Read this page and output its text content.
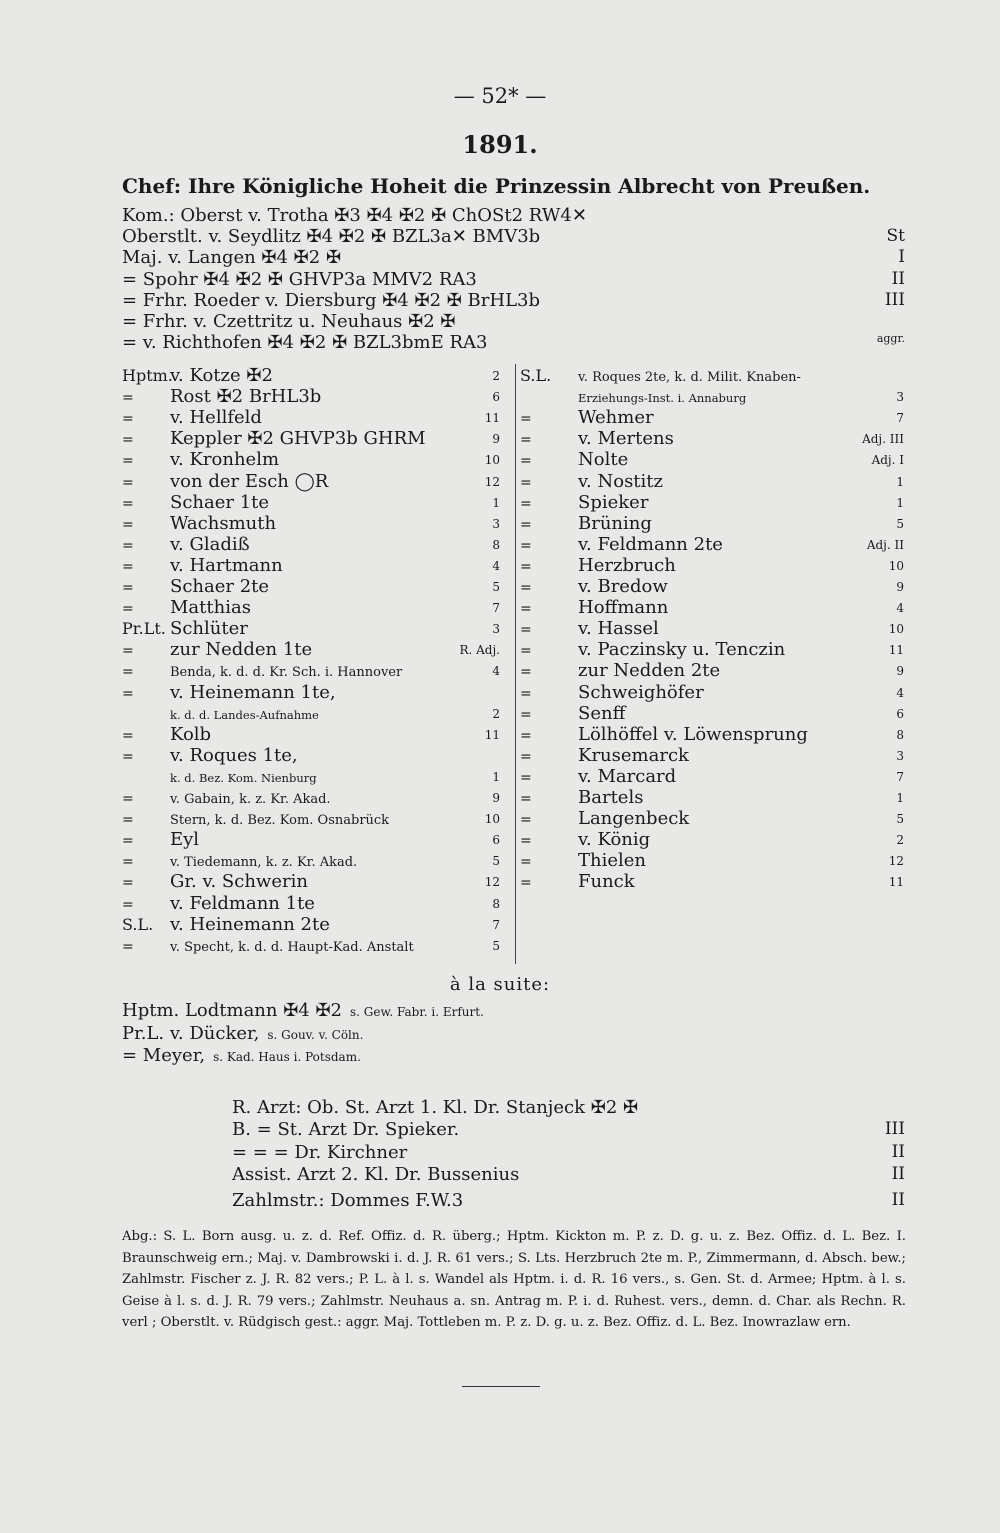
— 52* —
1891.
Chef: Ihre Königliche Hoheit die Prinzessin Albrecht von Preußen.
Kom.: Oberst v. Trotha ✠3 ✠4 ✠2 ✠ ChOSt2 RW4✕
Oberstlt. v. Seydlitz ✠4 ✠2 ✠ BZL3a✕ BMV3b	St
Maj. v. Langen ✠4 ✠2 ✠	I
= Spohr ✠4 ✠2 ✠ GHVP3a MMV2 RA3	II
= Frhr. Roeder v. Diersburg ✠4 ✠2 ✠ BrHL3b	III
= Frhr. v. Czettritz u. Neuhaus ✠2 ✠
= v. Richthofen ✠4 ✠2 ✠ BZL3bmE RA3	aggr.
Hptm.v. Kotze ✠2	2
= Rost ✠2 BrHL3b	6
= v. Hellfeld	11
= Keppler ✠2 GHVP3b GHRM	9
= v. Kronhelm	10
= von der Esch ◯R	12
= Schaer 1te	1
= Wachsmuth	3
= v. Gladiß	8
= v. Hartmann	4
= Schaer 2te	5
= Matthias	7
Pr.Lt. Schlüter	3
= zur Nedden 1te	R. Adj.
=	Benda, k. d. d. Kr. Sch. i. Hannover	4
= v. Heinemann 1te,
k. d. d. Landes-Aufnahme	2
= Kolb	11
= v. Roques 1te,
k. d. Bez. Kom. Nienburg	1
=	v. Gabain, k. z. Kr. Akad.	9
=	Stern, k. d. Bez. Kom. Osnabrück	10
= Eyl	6
=	v. Tiedemann, k. z. Kr. Akad.	5
= Gr. v. Schwerin	12
= v. Feldmann 1te	8
S.L. v. Heinemann 2te	7
=	v. Specht, k. d. d. Haupt-Kad. Anstalt	5
S.L. v. Roques 2te, k. d. Milit. Knaben-
Erziehungs-Inst. i. Annaburg	3
=	Wehmer	7
=	v. Mertens	Adj. III
=	Nolte	Adj. I
=	v. Nostitz	1
=	Spieker	1
=	Brüning	5
=	v. Feldmann 2te	Adj. II
=	Herzbruch	10
=	v. Bredow	9
=	Hoffmann	4
=	v. Hassel	10
=	v. Paczinsky u. Tenczin	11
=	zur Nedden 2te	9
=	Schweighöfer	4
=	Senff	6
=	Lölhöffel v. Löwensprung	8
=	Krusemarck	3
=	v. Marcard	7
=	Bartels	1
=	Langenbeck	5
=	v. König	2
=	Thielen	12
=	Funck	11
à la suite:
Hptm. Lodtmann ✠4 ✠2 s. Gew. Fabr. i. Erfurt.
Pr.L. v. Dücker, s. Gouv. v. Cöln.
= Meyer, s. Kad. Haus i. Potsdam.
R. Arzt: Ob. St. Arzt 1. Kl. Dr. Stanjeck ✠2 ✠
B. = St. Arzt Dr. Spieker.	III
= = = Dr. Kirchner	II
Assist. Arzt 2. Kl. Dr. Bussenius	II
Zahlmstr.: Dommes F.W.3	II
Abg.: S. L. Born ausg. u. z. d. Ref. Offiz. d. R. überg.; Hptm. Kickton m. P. z. D. g. u. z. Bez. Offiz. d. L. Bez. I. Braunschweig ern.; Maj. v. Dambrowski i. d. J. R. 61 vers.; S. Lts. Herzbruch 2te m. P., Zimmermann, d. Absch. bew.; Zahlmstr. Fischer z. J. R. 82 vers.; P. L. à l. s. Wandel als Hptm. i. d. R. 16 vers., s. Gen. St. d. Armee; Hptm. à l. s. Geise à l. s. d. J. R. 79 vers.; Zahlmstr. Neuhaus a. sn. Antrag m. P. i. d. Ruhest. vers., demn. d. Char. als Rechn. R. verl ; Oberstlt. v. Rüdgisch gest.: aggr. Maj. Tottleben m. P. z. D. g. u. z. Bez. Offiz. d. L. Bez. Inowrazlaw ern.
